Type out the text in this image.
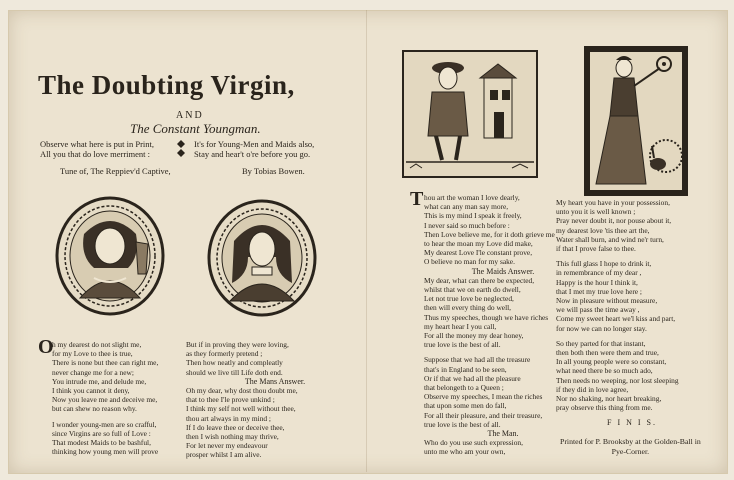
The Doubting Virgin,
AND
The Constant Youngman.
Observe what here is put in Print,
All you that do love merriment :
It's for Young-Men and Maids also,
Stay and hear't o're before you go.
Tune of, The Reppiev'd Captive,	By Tobias Bowen.
O
h my dearest do not slight me,
for my Love to thee is true,
There is none but thee can right me,
never change me for a new;
You intrude me, and delude me,
I think you cannot it deny,
Now you leave me and deceive me,
but can shew no reason why.
I wonder young-men are so crafful,
since Virgins are so full of Love :
That modest Maids to be bashful,
thinking how young men will prove
But if in proving they were loving,
as they formerly pretend ;
Then how neatly and compleatly
should we live till Life doth end.
The Mans Answer.
Oh my dear, why dost thou doubt me,
that to thee I'le prove unkind ;
I think my self not well without thee,
thou art always in my mind ;
If I do leave thee or deceive thee,
then I wish nothing may thrive,
For let never my endeavour
prosper whilst I am alive.
T hou art the woman I love dearly,
what can any man say more,
This is my mind I speak it freely,
I never said so much before :
Then Love believe me, for it doth grieve me
to hear the moan my Love did make,
My dearest Love I'le constant prove,
O believe no man for my sake.
The Maids Answer.
My dear, what can there be expected,
whilst that we on earth do dwell,
Let not true love be neglected,
then will every thing do well,
Thus my speeches, though we have riches
my heart hear I you call,
For all the money my dear honey,
true love is the best of all.
Suppose that we had all the treasure
that's in England to be seen,
Or if that we had all the pleasure
that belongeth to a Queen ;
Observe my speeches, I mean the riches
that upon some men do fall,
For all their pleasure, and their treasure,
true love is the best of all.
The Man.
Who do you use such expression,
unto me who am your own,
My heart you have in your possession,
unto you it is well known ;
Pray never doubt it, nor pouse about it,
my dearest love 'tis thee art the,
Water shall burn, and wind ne'r turn,
if that I prove false to thee.
This full glass I hope to drink it,
in remembrance of my dear ,
Happy is the hour I think it,
that I met my true love here ;
Now in pleasure without measure,
we will pass the time away ,
Come my sweet heart we'l kiss and part,
for now we can no longer stay.
So they parted for that instant,
then both then were them and true,
In all young people were so constant,
what need there be so much ado,
Then needs no weeping, nor lost sleeping
if they did in love agree,
Nor no shaking, nor heart breaking,
pray observe this thing from me.
F I N I S.
Printed for P. Brooksby at the Golden-Ball in
Pye-Corner.
